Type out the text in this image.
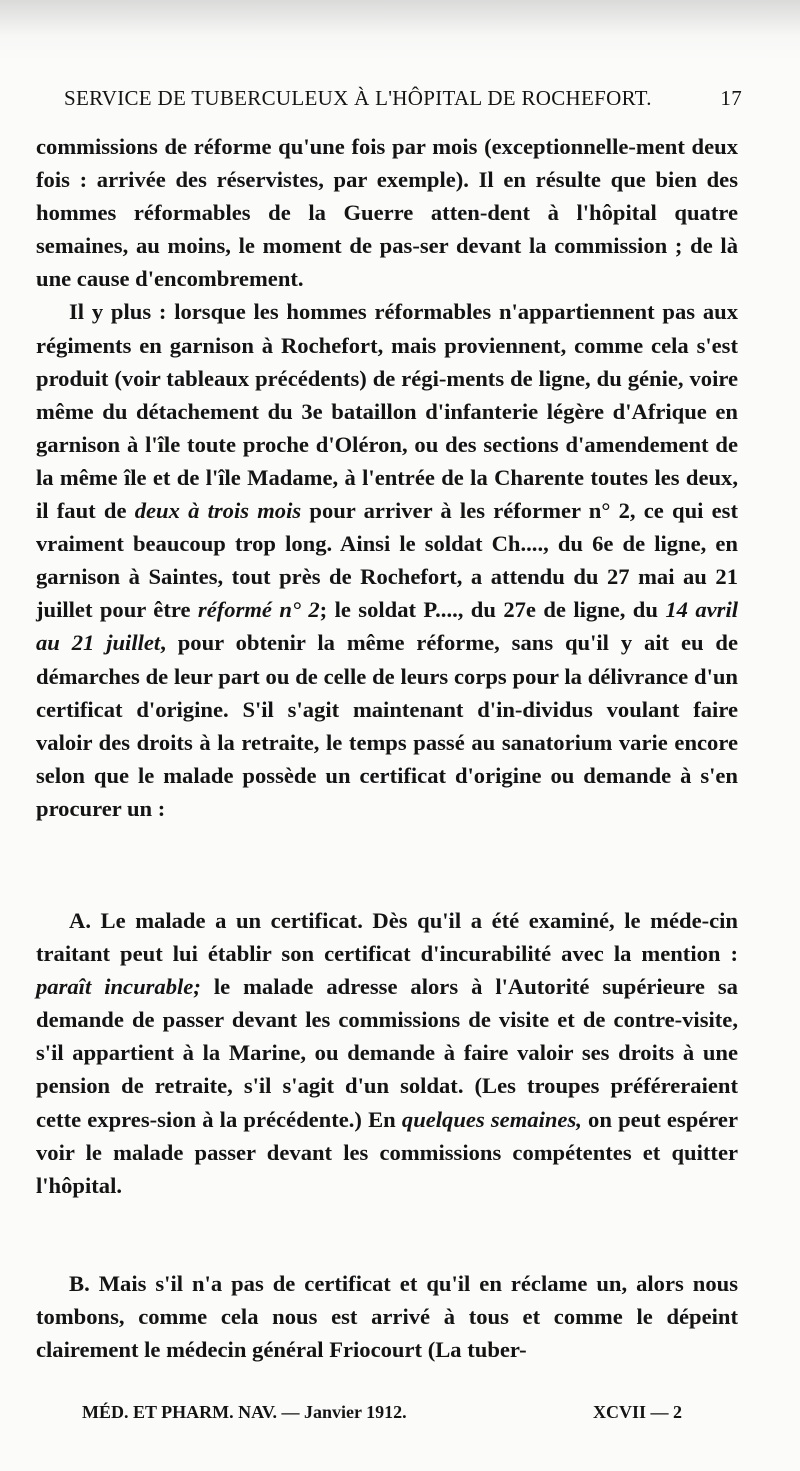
SERVICE DE TUBERCULEUX À L'HÔPITAL DE ROCHEFORT.	17

commissions de réforme qu'une fois par mois (exceptionnelle-ment deux fois : arrivée des réservistes, par exemple). Il en résulte que bien des hommes réformables de la Guerre atten-dent à l'hôpital quatre semaines, au moins, le moment de pas-ser devant la commission ; de là une cause d'encombrement.

Il y plus : lorsque les hommes réformables n'appartiennent pas aux régiments en garnison à Rochefort, mais proviennent, comme cela s'est produit (voir tableaux précédents) de régi-ments de ligne, du génie, voire même du détachement du 3e bataillon d'infanterie légère d'Afrique en garnison à l'île toute proche d'Oléron, ou des sections d'amendement de la même île et de l'île Madame, à l'entrée de la Charente toutes les deux, il faut de deux à trois mois pour arriver à les réformer n° 2, ce qui est vraiment beaucoup trop long. Ainsi le soldat Ch...., du 6e de ligne, en garnison à Saintes, tout près de Rochefort, a attendu du 27 mai au 21 juillet pour être réformé n° 2; le soldat P...., du 27e de ligne, du 14 avril au 21 juillet, pour obtenir la même réforme, sans qu'il y ait eu de démarches de leur part ou de celle de leurs corps pour la délivrance d'un certificat d'origine. S'il s'agit maintenant d'in-dividus voulant faire valoir des droits à la retraite, le temps passé au sanatorium varie encore selon que le malade possède un certificat d'origine ou demande à s'en procurer un :

A. Le malade a un certificat. Dès qu'il a été examiné, le méde-cin traitant peut lui établir son certificat d'incurabilité avec la mention : paraît incurable; le malade adresse alors à l'Autorité supérieure sa demande de passer devant les commissions de visite et de contre-visite, s'il appartient à la Marine, ou demande à faire valoir ses droits à une pension de retraite, s'il s'agit d'un soldat. (Les troupes préféreraient cette expres-sion à la précédente.) En quelques semaines, on peut espérer voir le malade passer devant les commissions compétentes et quitter l'hôpital.

B. Mais s'il n'a pas de certificat et qu'il en réclame un, alors nous tombons, comme cela nous est arrivé à tous et comme le dépeint clairement le médecin général Friocourt (La tuber-

MÉD. ET PHARM. NAV. — Janvier 1912.	XCVII — 2
